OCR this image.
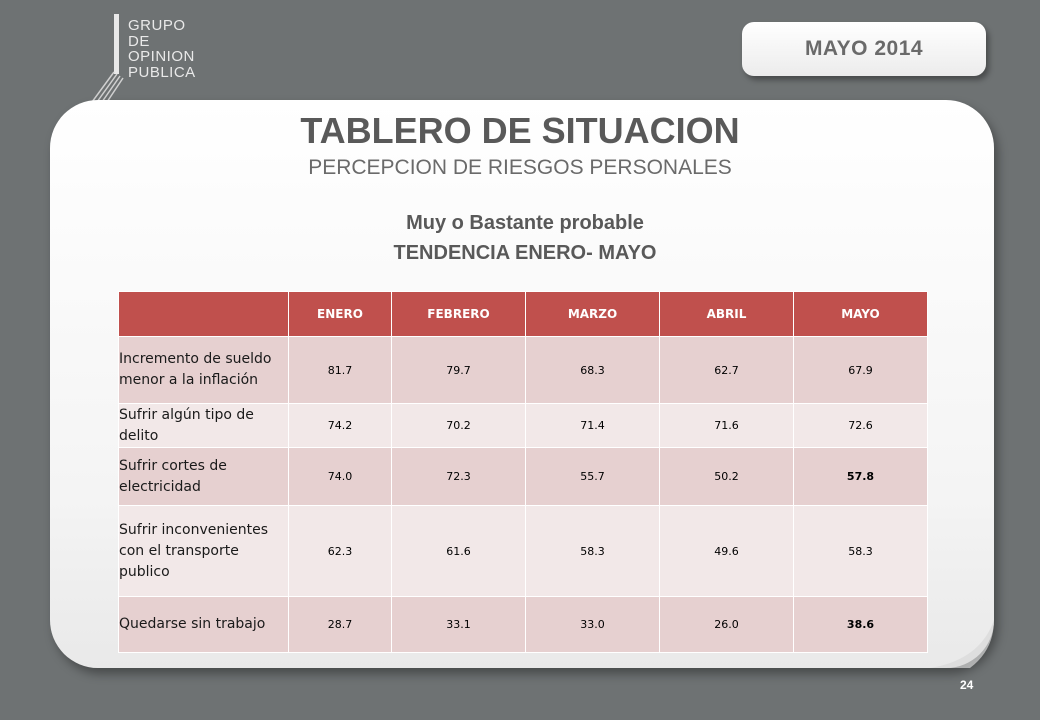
GRUPO
DE
OPINION
PUBLICA
MAYO 2014
TABLERO DE SITUACION
PERCEPCION DE RIESGOS PERSONALES
Muy o Bastante probable
TENDENCIA ENERO- MAYO
	ENERO	FEBRERO	MARZO	ABRIL	MAYO
Incremento de sueldo menor a la inflación	81.7	79.7	68.3	62.7	67.9
Sufrir algún tipo de delito	74.2	70.2	71.4	71.6	72.6
Sufrir cortes de electricidad	74.0	72.3	55.7	50.2	57.8
Sufrir inconvenientes con el transporte publico	62.3	61.6	58.3	49.6	58.3
Quedarse sin trabajo	28.7	33.1	33.0	26.0	38.6
24
